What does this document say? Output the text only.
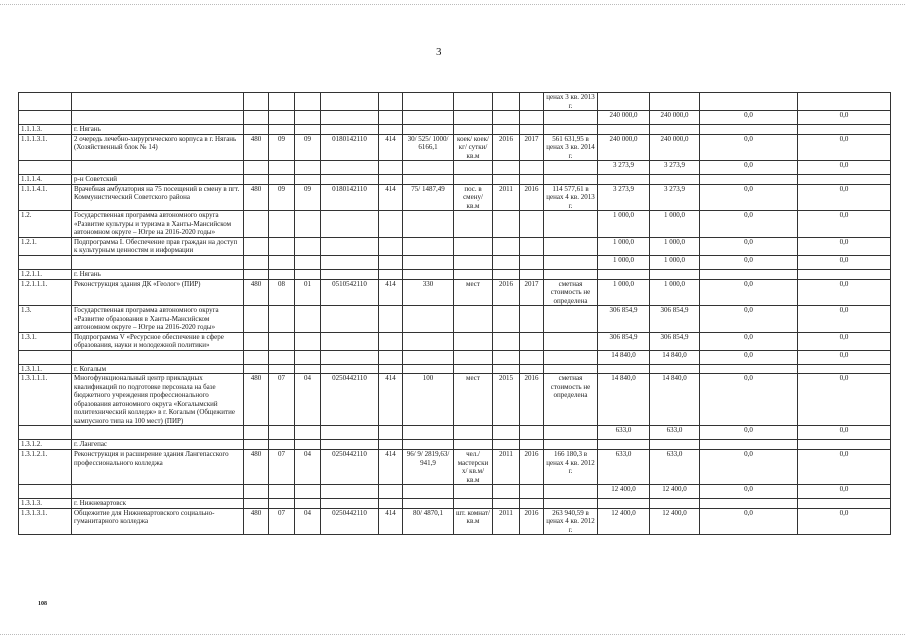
3
											ценах 3 кв. 2013 г.				
												240 000,0	240 000,0	0,0	0,0
1.1.1.3.	г. Нягань														
1.1.1.3.1.	2 очередь лечебно-хирургического корпуса в г. Нягань (Хозяйственный блок № 14)	480	09	09	0180142110	414	30/ 525/ 1000/ 6166,1	коек/ коек/ кг/ сутки/ кв.м	2016	2017	561 631,95 в ценах 3 кв. 2014 г.	240 000,0	240 000,0	0,0	0,0
												3 273,9	3 273,9	0,0	0,0
1.1.1.4.	р-н Советский														
1.1.1.4.1.	Врачебная амбулатория на 75 посещений в смену в пгт. Коммунистический Советского района	480	09	09	0180142110	414	75/ 1487,49	пос. в смену/ кв.м	2011	2016	114 577,61 в ценах 4 кв. 2013 г.	3 273,9	3 273,9	0,0	0,0
1.2.	Государственная программа автономного округа «Развитие культуры и туризма в Ханты-Мансийском автономном округе – Югре на 2016-2020 годы»											1 000,0	1 000,0	0,0	0,0
1.2.1.	Подпрограмма I. Обеспечение прав граждан на доступ к культурным ценностям и информации											1 000,0	1 000,0	0,0	0,0
												1 000,0	1 000,0	0,0	0,0
1.2.1.1.	г. Нягань														
1.2.1.1.1.	Реконструкция здания ДК «Геолог» (ПИР)	480	08	01	0510542110	414	330	мест	2016	2017	сметная стоимость не определена	1 000,0	1 000,0	0,0	0,0
1.3.	Государственная программа автономного округа «Развитие образования в Ханты-Мансийском автономном округе – Югре на 2016-2020 годы»											306 854,9	306 854,9	0,0	0,0
1.3.1.	Подпрограмма V «Ресурсное обеспечение в сфере образования, науки и молодежной политики»											306 854,9	306 854,9	0,0	0,0
												14 840,0	14 840,0	0,0	0,0
1.3.1.1.	г. Когалым														
1.3.1.1.1.	Многофункциональный центр прикладных квалификаций по подготовке персонала на базе бюджетного учреждения профессионального образования автономного округа «Когалымский политехнический колледж» в г. Когалым (Общежитие кампусного типа на 100 мест) (ПИР)	480	07	04	0250442110	414	100	мест	2015	2016	сметная стоимость не определена	14 840,0	14 840,0	0,0	0,0
												633,0	633,0	0,0	0,0
1.3.1.2.	г. Лангепас														
1.3.1.2.1.	Реконструкция и расширение здания Лангепасского профессионального колледжа	480	07	04	0250442110	414	96/ 9/ 2819,63/ 941,9	чел./ мастерски х/ кв.м/ кв.м	2011	2016	166 180,3 в ценах 4 кв. 2012 г.	633,0	633,0	0,0	0,0
												12 400,0	12 400,0	0,0	0,0
1.3.1.3.	г. Нижневартовск														
1.3.1.3.1.	Общежитие для Нижневартовского социально-гуманитарного колледжа	480	07	04	0250442110	414	80/ 4870,1	шт. комнат/ кв.м	2011	2016	263 940,59 в ценах 4 кв. 2012 г.	12 400,0	12 400,0	0,0	0,0
108
